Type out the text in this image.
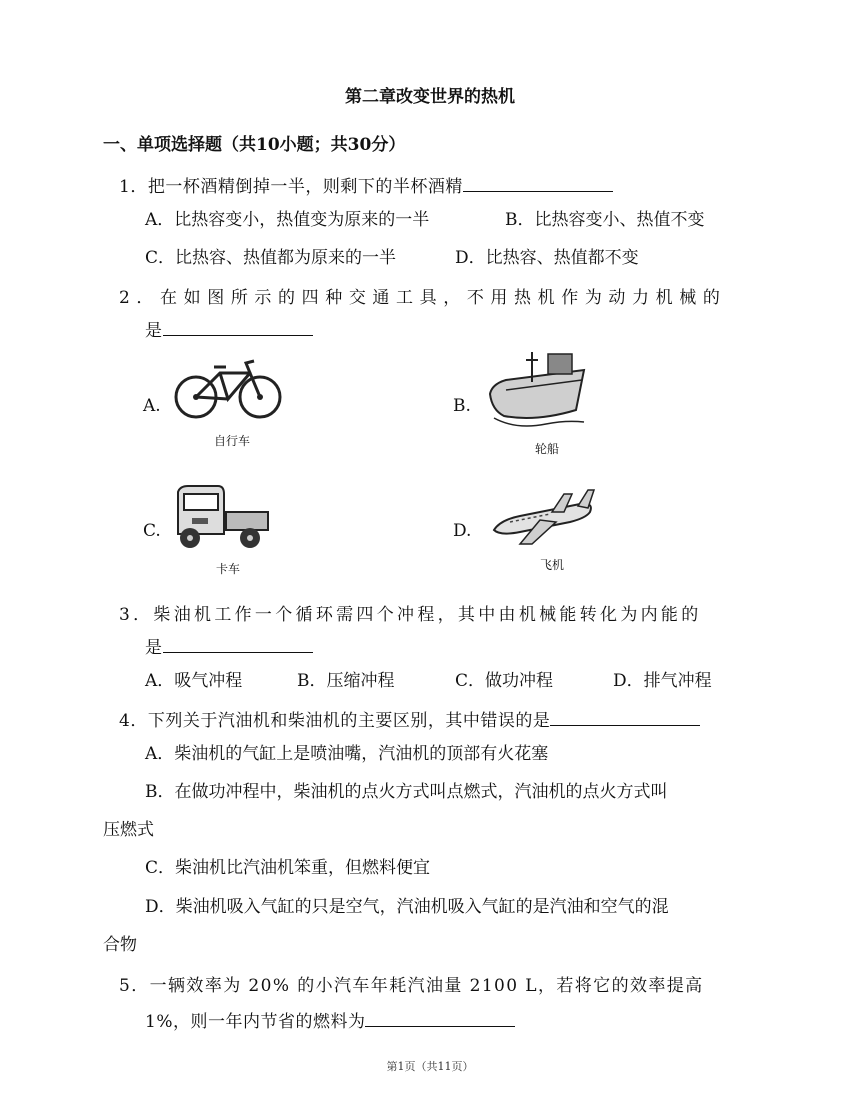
第二章改变世界的热机
一、单项选择题（共10小题；共30分）
1．把一杯酒精倒掉一半，则剩下的半杯酒精
A．比热容变小，热值变为原来的一半	B．比热容变小、热值不变
C．比热容、热值都为原来的一半	D．比热容、热值都不变
2．在如图所示的四种交通工具，不用热机作为动力机械的
是
A.
自行车
B.
轮船
C.
卡车
D.
飞机
3．柴油机工作一个循环需四个冲程，其中由机械能转化为内能的
是
A．吸气冲程	B．压缩冲程	C．做功冲程	D．排气冲程
4．下列关于汽油机和柴油机的主要区别，其中错误的是
A．柴油机的气缸上是喷油嘴，汽油机的顶部有火花塞
B．在做功冲程中，柴油机的点火方式叫点燃式，汽油机的点火方式叫
压燃式
C．柴油机比汽油机笨重，但燃料便宜
D．柴油机吸入气缸的只是空气，汽油机吸入气缸的是汽油和空气的混
合物
5．一辆效率为 20% 的小汽车年耗汽油量 2100 L，若将它的效率提高
1%，则一年内节省的燃料为
第1页（共11页）
